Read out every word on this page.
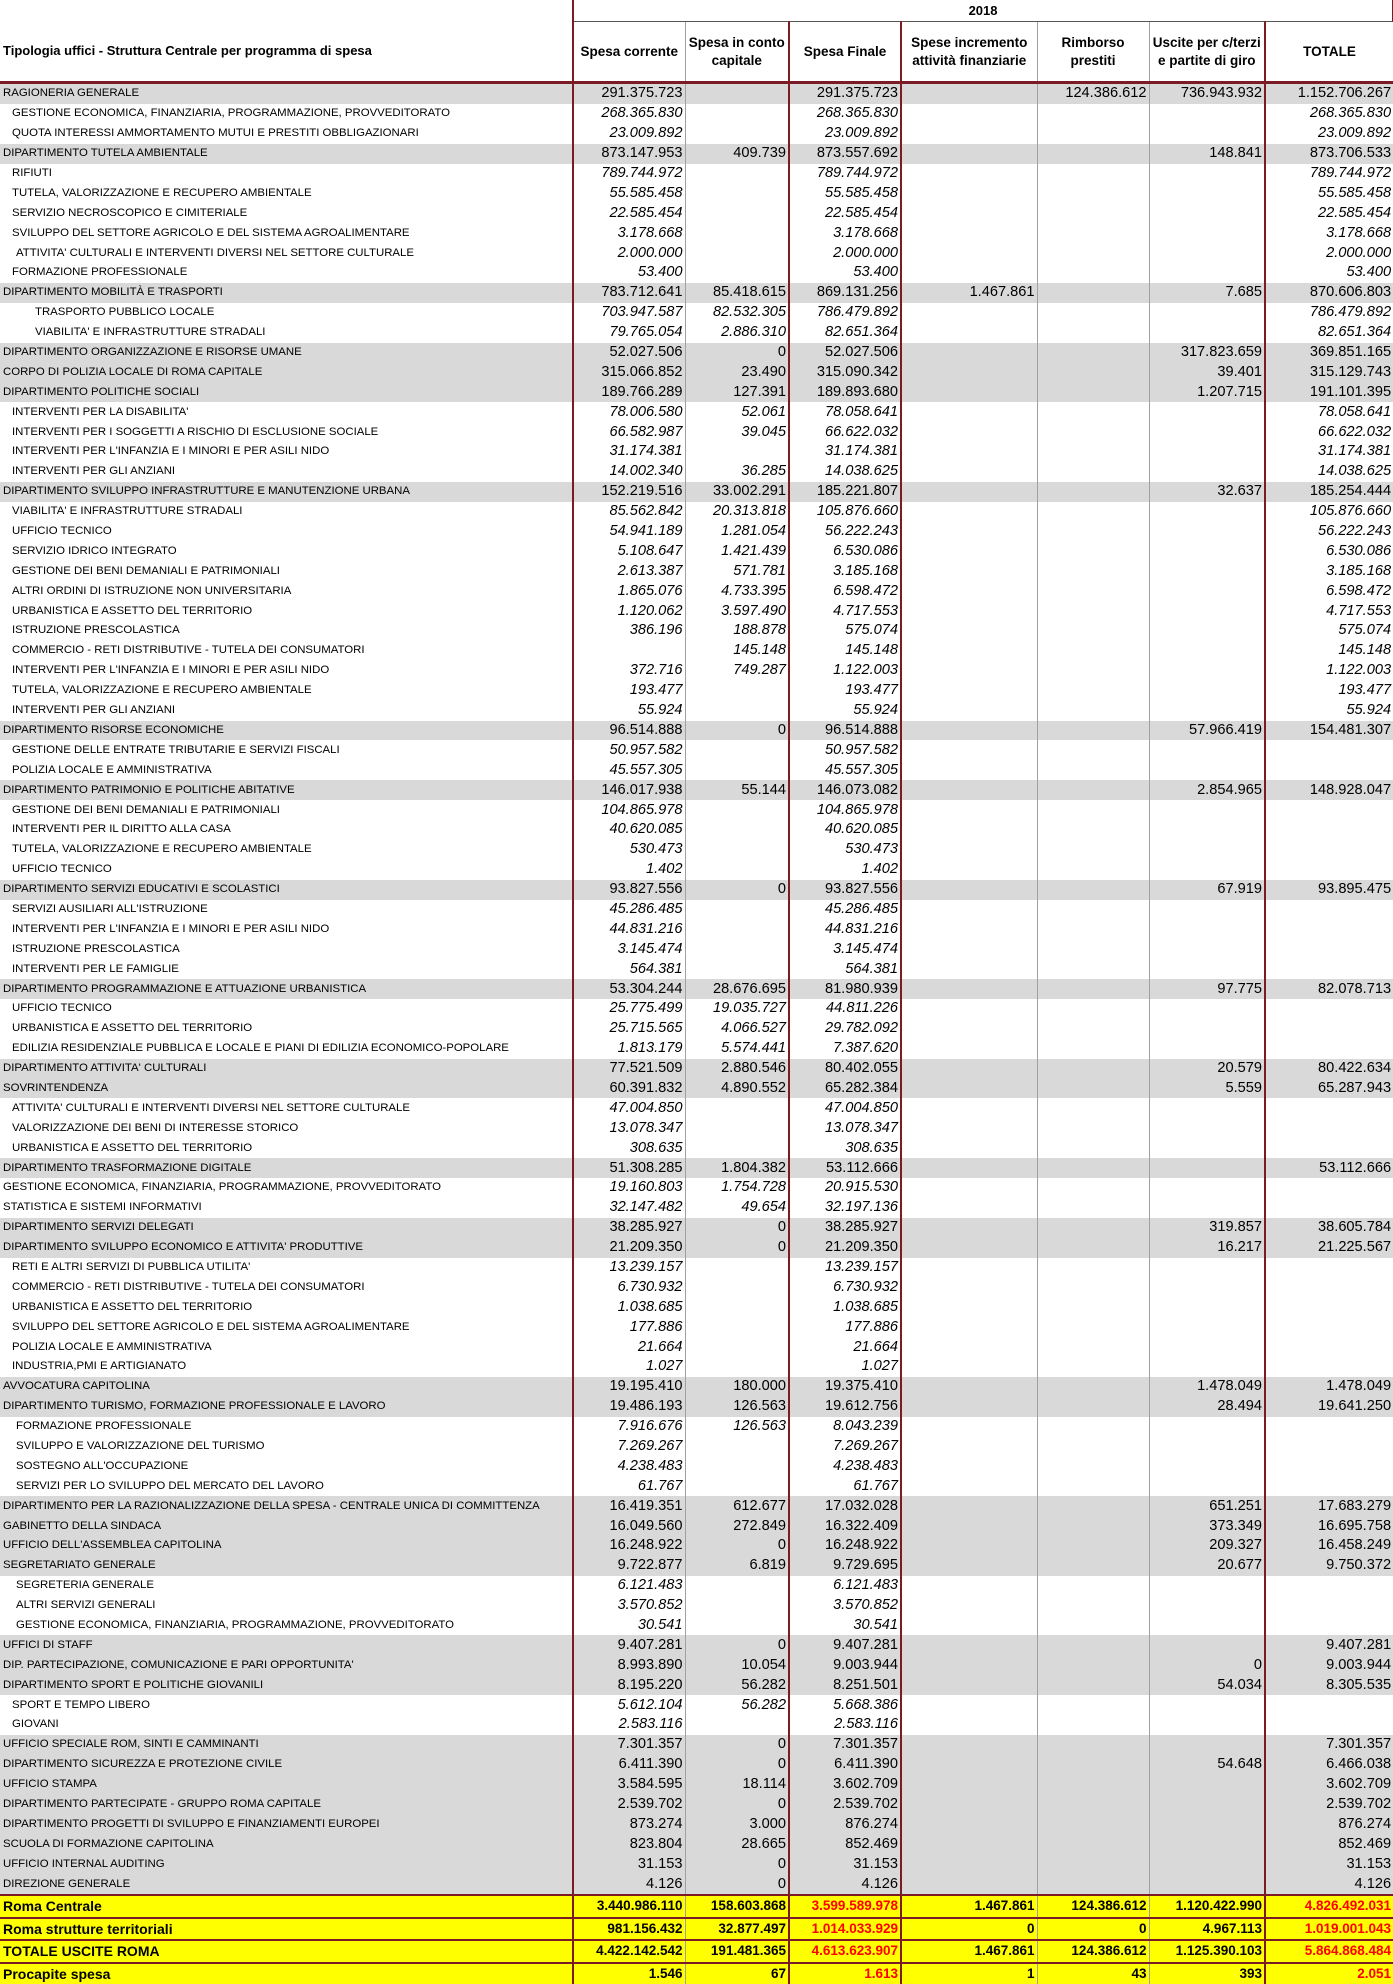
	2018						
Tipologia uffici - Struttura Centrale per programma di spesa	Spesa corrente	Spesa in conto capitale	Spesa Finale	Spese incremento attività finanziarie	Rimborso prestiti	Uscite per c/terzi e partite di giro	TOTALE
RAGIONERIA GENERALE	291.375.723		291.375.723		124.386.612	736.943.932	1.152.706.267
GESTIONE ECONOMICA, FINANZIARIA, PROGRAMMAZIONE, PROVVEDITORATO	268.365.830		268.365.830				268.365.830
QUOTA INTERESSI AMMORTAMENTO MUTUI E PRESTITI OBBLIGAZIONARI	23.009.892		23.009.892				23.009.892
DIPARTIMENTO TUTELA AMBIENTALE	873.147.953	409.739	873.557.692			148.841	873.706.533
RIFIUTI	789.744.972		789.744.972				789.744.972
TUTELA, VALORIZZAZIONE E RECUPERO AMBIENTALE	55.585.458		55.585.458				55.585.458
SERVIZIO NECROSCOPICO E CIMITERIALE	22.585.454		22.585.454				22.585.454
SVILUPPO DEL SETTORE AGRICOLO E DEL SISTEMA AGROALIMENTARE	3.178.668		3.178.668				3.178.668
ATTIVITA' CULTURALI E INTERVENTI DIVERSI NEL SETTORE CULTURALE	2.000.000		2.000.000				2.000.000
FORMAZIONE PROFESSIONALE	53.400		53.400				53.400
DIPARTIMENTO MOBILITÀ E TRASPORTI	783.712.641	85.418.615	869.131.256	1.467.861		7.685	870.606.803
TRASPORTO PUBBLICO LOCALE	703.947.587	82.532.305	786.479.892				786.479.892
VIABILITA' E INFRASTRUTTURE STRADALI	79.765.054	2.886.310	82.651.364				82.651.364
DIPARTIMENTO ORGANIZZAZIONE E RISORSE UMANE	52.027.506	0	52.027.506			317.823.659	369.851.165
CORPO DI POLIZIA LOCALE DI ROMA CAPITALE	315.066.852	23.490	315.090.342			39.401	315.129.743
DIPARTIMENTO POLITICHE SOCIALI	189.766.289	127.391	189.893.680			1.207.715	191.101.395
INTERVENTI PER LA DISABILITA'	78.006.580	52.061	78.058.641				78.058.641
INTERVENTI PER I SOGGETTI A RISCHIO DI ESCLUSIONE SOCIALE	66.582.987	39.045	66.622.032				66.622.032
INTERVENTI PER L'INFANZIA E I MINORI E PER ASILI NIDO	31.174.381		31.174.381				31.174.381
INTERVENTI PER GLI ANZIANI	14.002.340	36.285	14.038.625				14.038.625
DIPARTIMENTO SVILUPPO INFRASTRUTTURE E MANUTENZIONE URBANA	152.219.516	33.002.291	185.221.807			32.637	185.254.444
VIABILITA' E INFRASTRUTTURE STRADALI	85.562.842	20.313.818	105.876.660				105.876.660
UFFICIO TECNICO	54.941.189	1.281.054	56.222.243				56.222.243
SERVIZIO IDRICO INTEGRATO	5.108.647	1.421.439	6.530.086				6.530.086
GESTIONE DEI BENI DEMANIALI E PATRIMONIALI	2.613.387	571.781	3.185.168				3.185.168
ALTRI ORDINI DI ISTRUZIONE NON UNIVERSITARIA	1.865.076	4.733.395	6.598.472				6.598.472
URBANISTICA E ASSETTO DEL TERRITORIO	1.120.062	3.597.490	4.717.553				4.717.553
ISTRUZIONE PRESCOLASTICA	386.196	188.878	575.074				575.074
COMMERCIO - RETI DISTRIBUTIVE - TUTELA DEI CONSUMATORI		145.148	145.148				145.148
INTERVENTI PER L'INFANZIA E I MINORI E PER ASILI NIDO	372.716	749.287	1.122.003				1.122.003
TUTELA, VALORIZZAZIONE E RECUPERO AMBIENTALE	193.477		193.477				193.477
INTERVENTI PER GLI ANZIANI	55.924		55.924				55.924
DIPARTIMENTO RISORSE ECONOMICHE	96.514.888	0	96.514.888			57.966.419	154.481.307
GESTIONE DELLE ENTRATE TRIBUTARIE E SERVIZI FISCALI	50.957.582		50.957.582				
POLIZIA LOCALE E AMMINISTRATIVA	45.557.305		45.557.305				
DIPARTIMENTO PATRIMONIO E POLITICHE ABITATIVE	146.017.938	55.144	146.073.082			2.854.965	148.928.047
GESTIONE DEI BENI DEMANIALI E PATRIMONIALI	104.865.978		104.865.978				
INTERVENTI PER IL DIRITTO ALLA CASA	40.620.085		40.620.085				
TUTELA, VALORIZZAZIONE E RECUPERO AMBIENTALE	530.473		530.473				
UFFICIO TECNICO	1.402		1.402				
DIPARTIMENTO SERVIZI EDUCATIVI E SCOLASTICI	93.827.556	0	93.827.556			67.919	93.895.475
SERVIZI AUSILIARI ALL'ISTRUZIONE	45.286.485		45.286.485				
INTERVENTI PER L'INFANZIA E I MINORI E PER ASILI NIDO	44.831.216		44.831.216				
ISTRUZIONE PRESCOLASTICA	3.145.474		3.145.474				
INTERVENTI PER LE FAMIGLIE	564.381		564.381				
DIPARTIMENTO PROGRAMMAZIONE E ATTUAZIONE URBANISTICA	53.304.244	28.676.695	81.980.939			97.775	82.078.713
UFFICIO TECNICO	25.775.499	19.035.727	44.811.226				
URBANISTICA E ASSETTO DEL TERRITORIO	25.715.565	4.066.527	29.782.092				
EDILIZIA RESIDENZIALE PUBBLICA E LOCALE E PIANI DI EDILIZIA ECONOMICO-POPOLARE	1.813.179	5.574.441	7.387.620				
DIPARTIMENTO ATTIVITA' CULTURALI	77.521.509	2.880.546	80.402.055			20.579	80.422.634
SOVRINTENDENZA	60.391.832	4.890.552	65.282.384			5.559	65.287.943
ATTIVITA' CULTURALI E INTERVENTI DIVERSI NEL SETTORE CULTURALE	47.004.850		47.004.850				
VALORIZZAZIONE DEI BENI DI INTERESSE STORICO	13.078.347		13.078.347				
URBANISTICA E ASSETTO DEL TERRITORIO	308.635		308.635				
DIPARTIMENTO TRASFORMAZIONE DIGITALE	51.308.285	1.804.382	53.112.666				53.112.666
GESTIONE ECONOMICA, FINANZIARIA, PROGRAMMAZIONE, PROVVEDITORATO	19.160.803	1.754.728	20.915.530				
STATISTICA E SISTEMI INFORMATIVI	32.147.482	49.654	32.197.136				
DIPARTIMENTO SERVIZI DELEGATI	38.285.927	0	38.285.927			319.857	38.605.784
DIPARTIMENTO SVILUPPO ECONOMICO E ATTIVITA' PRODUTTIVE	21.209.350	0	21.209.350			16.217	21.225.567
RETI E ALTRI SERVIZI DI PUBBLICA UTILITA'	13.239.157		13.239.157				
COMMERCIO - RETI DISTRIBUTIVE - TUTELA DEI CONSUMATORI	6.730.932		6.730.932				
URBANISTICA E ASSETTO DEL TERRITORIO	1.038.685		1.038.685				
SVILUPPO DEL SETTORE AGRICOLO E DEL SISTEMA AGROALIMENTARE	177.886		177.886				
POLIZIA LOCALE E AMMINISTRATIVA	21.664		21.664				
INDUSTRIA,PMI E ARTIGIANATO	1.027		1.027				
AVVOCATURA CAPITOLINA	19.195.410	180.000	19.375.410			1.478.049	1.478.049
DIPARTIMENTO TURISMO, FORMAZIONE PROFESSIONALE E LAVORO	19.486.193	126.563	19.612.756			28.494	19.641.250
FORMAZIONE PROFESSIONALE	7.916.676	126.563	8.043.239				
SVILUPPO E VALORIZZAZIONE DEL TURISMO	7.269.267		7.269.267				
SOSTEGNO ALL'OCCUPAZIONE	4.238.483		4.238.483				
SERVIZI PER LO SVILUPPO DEL MERCATO DEL LAVORO	61.767		61.767				
DIPARTIMENTO PER LA RAZIONALIZZAZIONE DELLA SPESA - CENTRALE UNICA DI COMMITTENZA	16.419.351	612.677	17.032.028			651.251	17.683.279
GABINETTO DELLA SINDACA	16.049.560	272.849	16.322.409			373.349	16.695.758
UFFICIO DELL'ASSEMBLEA CAPITOLINA	16.248.922	0	16.248.922			209.327	16.458.249
SEGRETARIATO GENERALE	9.722.877	6.819	9.729.695			20.677	9.750.372
SEGRETERIA GENERALE	6.121.483		6.121.483				
ALTRI SERVIZI GENERALI	3.570.852		3.570.852				
GESTIONE ECONOMICA, FINANZIARIA, PROGRAMMAZIONE, PROVVEDITORATO	30.541		30.541				
UFFICI DI STAFF	9.407.281	0	9.407.281				9.407.281
DIP. PARTECIPAZIONE, COMUNICAZIONE E PARI OPPORTUNITA'	8.993.890	10.054	9.003.944			0	9.003.944
DIPARTIMENTO SPORT E POLITICHE GIOVANILI	8.195.220	56.282	8.251.501			54.034	8.305.535
SPORT E TEMPO LIBERO	5.612.104	56.282	5.668.386				
GIOVANI	2.583.116		2.583.116				
UFFICIO SPECIALE ROM, SINTI E CAMMINANTI	7.301.357	0	7.301.357				7.301.357
DIPARTIMENTO SICUREZZA E PROTEZIONE CIVILE	6.411.390	0	6.411.390			54.648	6.466.038
UFFICIO STAMPA	3.584.595	18.114	3.602.709				3.602.709
DIPARTIMENTO PARTECIPATE - GRUPPO ROMA CAPITALE	2.539.702	0	2.539.702				2.539.702
DIPARTIMENTO PROGETTI DI SVILUPPO E FINANZIAMENTI EUROPEI	873.274	3.000	876.274				876.274
SCUOLA DI FORMAZIONE CAPITOLINA	823.804	28.665	852.469				852.469
UFFICIO INTERNAL AUDITING	31.153	0	31.153				31.153
DIREZIONE GENERALE	4.126	0	4.126				4.126
Roma Centrale	3.440.986.110	158.603.868	3.599.589.978	1.467.861	124.386.612	1.120.422.990	4.826.492.031
Roma strutture territoriali	981.156.432	32.877.497	1.014.033.929	0	0	4.967.113	1.019.001.043
TOTALE USCITE ROMA	4.422.142.542	191.481.365	4.613.623.907	1.467.861	124.386.612	1.125.390.103	5.864.868.484
Procapite spesa	1.546	67	1.613	1	43	393	2.051
